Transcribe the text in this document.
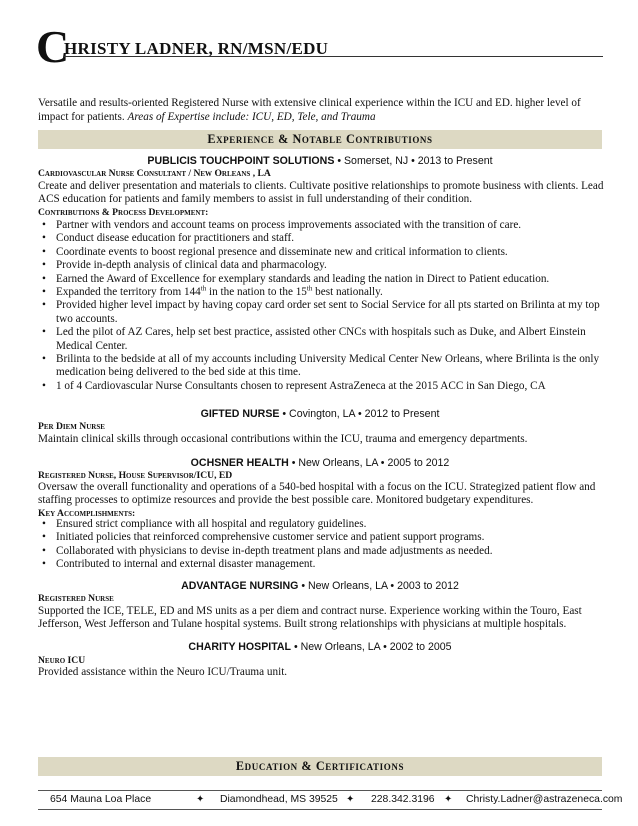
C
HRISTY LADNER, RN/MSN/EDU
Versatile and results-oriented Registered Nurse with extensive clinical experience within the ICU and ED. higher level of impact for patients. Areas of Expertise include: ICU, ED, Tele, and Trauma
Experience & Notable Contributions
PUBLICIS TOUCHPOINT SOLUTIONS • Somerset, NJ • 2013 to Present
Cardiovascular Nurse Consultant / New Orleans , LA
Create and deliver presentation and materials to clients. Cultivate positive relationships to promote business with clients. Lead ACS education for patients and family members to assist in full understanding of their condition.
Contributions & Process Development:
• Partner with vendors and account teams on process improvements associated with the transition of care.
• Conduct disease education for practitioners and staff.
• Coordinate events to boost regional presence and disseminate new and critical information to clients.
• Provide in-depth analysis of clinical data and pharmacology.
• Earned the Award of Excellence for exemplary standards and leading the nation in Direct to Patient education.
• Expanded the territory from 144th in the nation to the 15th best nationally.
• Provided higher level impact by having copay card order set sent to Social Service for all pts started on Brilinta at my top two accounts.
• Led the pilot of AZ Cares, help set best practice, assisted other CNCs with hospitals such as Duke, and Albert Einstein Medical Center.
• Brilinta to the bedside at all of my accounts including University Medical Center New Orleans, where Brilinta is the only medication being delivered to the bed side at this time.
• 1 of 4 Cardiovascular Nurse Consultants chosen to represent AstraZeneca at the 2015 ACC in San Diego, CA
GIFTED NURSE • Covington, LA • 2012 to Present
Per Diem Nurse
Maintain clinical skills through occasional contributions within the ICU, trauma and emergency departments.
OCHSNER HEALTH • New Orleans, LA • 2005 to 2012
Registered Nurse, House Supervisor/ICU, ED
Oversaw the overall functionality and operations of a 540-bed hospital with a focus on the ICU. Strategized patient flow and staffing processes to optimize resources and provide the best possible care. Monitored budgetary expenditures.
Key Accomplishments:
• Ensured strict compliance with all hospital and regulatory guidelines.
• Initiated policies that reinforced comprehensive customer service and patient support programs.
• Collaborated with physicians to devise in-depth treatment plans and made adjustments as needed.
• Contributed to internal and external disaster management.
ADVANTAGE NURSING • New Orleans, LA • 2003 to 2012
Registered Nurse
Supported the ICE, TELE, ED and MS units as a per diem and contract nurse. Experience working within the Touro, East Jefferson, West Jefferson and Tulane hospital systems. Built strong relationships with physicians at multiple hospitals.
CHARITY HOSPITAL • New Orleans, LA • 2002 to 2005
Neuro ICU
Provided assistance within the Neuro ICU/Trauma unit.
Education & Certifications
654 Mauna Loa Place	✦ Diamondhead, MS 39525 ✦ 228.342.3196 ✦ Christy.Ladner@astrazeneca.com
